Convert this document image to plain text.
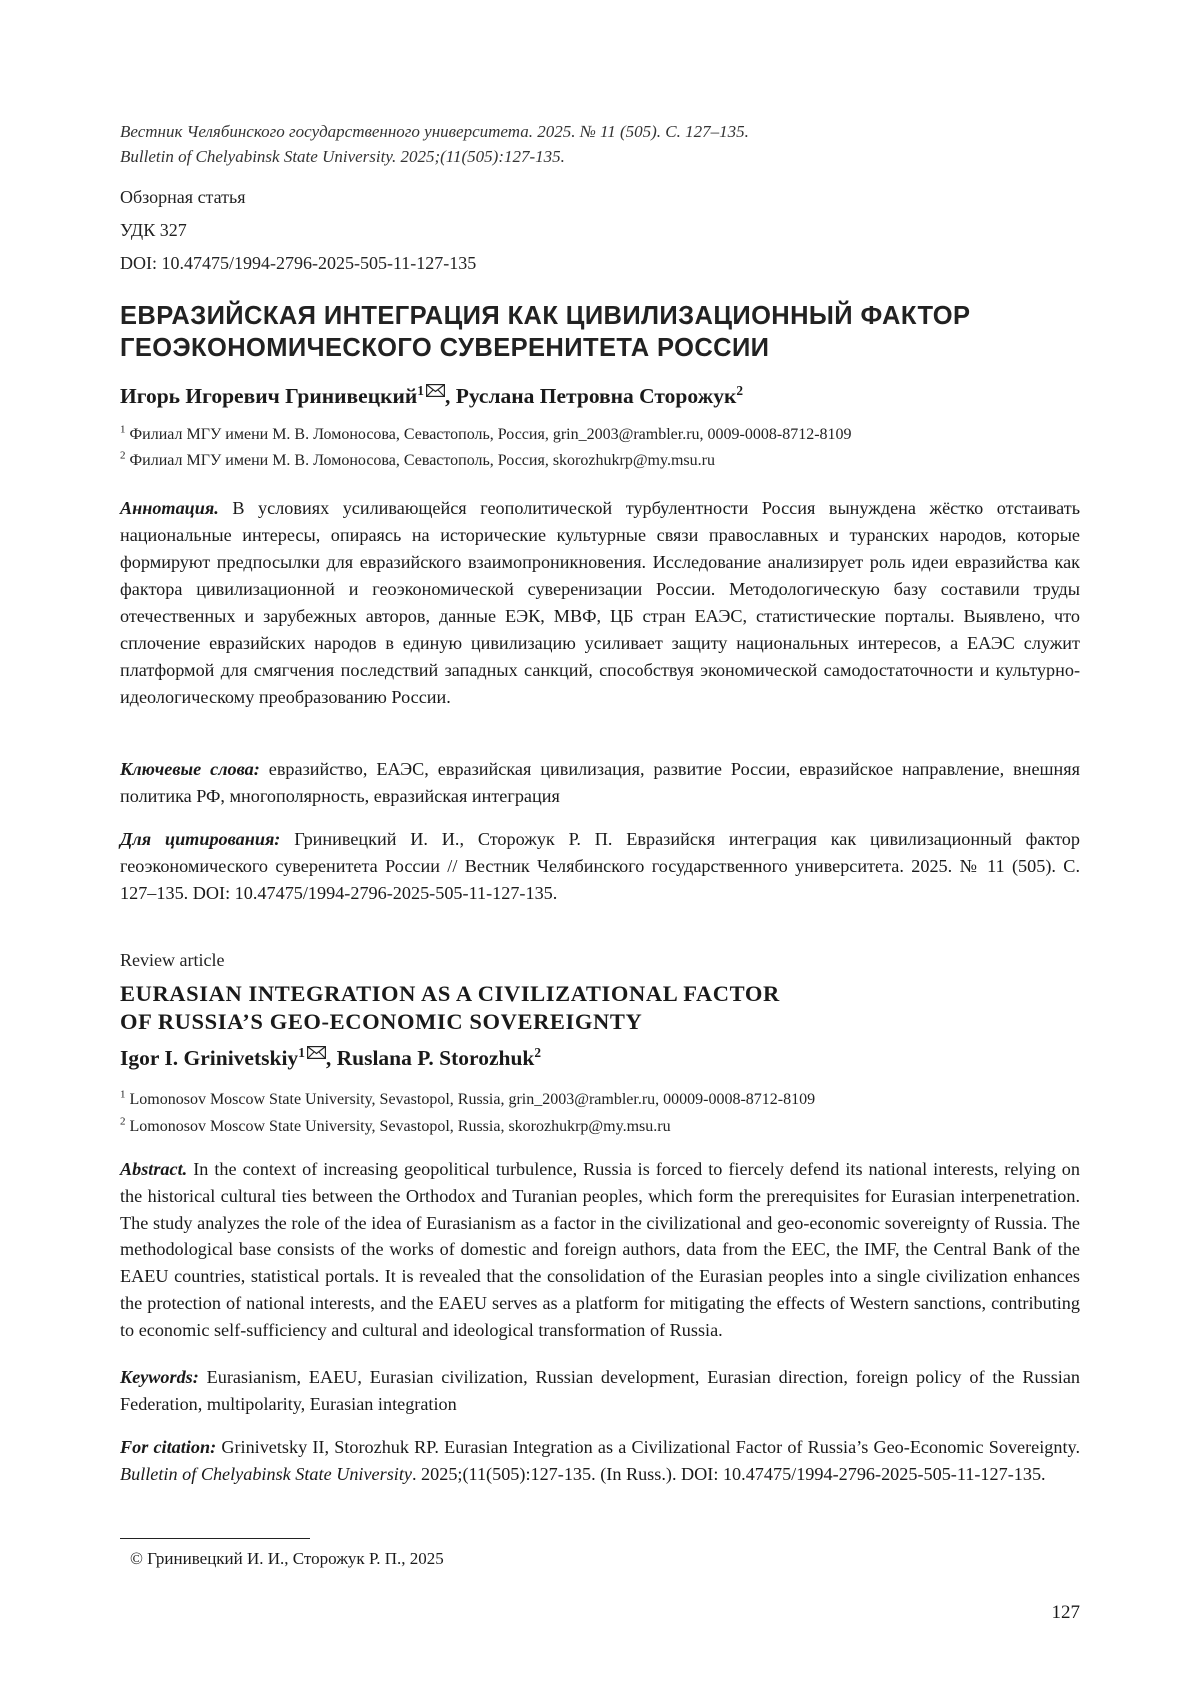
Вестник Челябинского государственного университета. 2025. № 11 (505). С. 127–135.
Bulletin of Chelyabinsk State University. 2025;(11(505):127-135.
Обзорная статья
УДК 327
DOI: 10.47475/1994-2796-2025-505-11-127-135
ЕВРАЗИЙСКАЯ ИНТЕГРАЦИЯ КАК ЦИВИЛИЗАЦИОННЫЙ ФАКТОР
ГЕОЭКОНОМИЧЕСКОГО СУВЕРЕНИТЕТА РОССИИ
Игорь Игоревич Гринивецкий$^1$ , Руслана Петровна Сторожук$^2$
$^1$ Филиал МГУ имени М. В. Ломоносова, Севастополь, Россия, grin_2003@rambler.ru, 0009-0008-8712-8109
$^2$ Филиал МГУ имени М. В. Ломоносова, Севастополь, Россия, skorozhukrp@my.msu.ru
Аннотация. В условиях усиливающейся геополитической турбулентности Россия вынуждена жёстко отстаивать национальные интересы, опираясь на исторические культурные связи православных и туранских народов, которые формируют предпосылки для евразийского взаимопроникновения. Исследование анализирует роль идеи евразийства как фактора цивилизационной и геоэкономической суверенизации России. Методологическую базу составили труды отечественных и зарубежных авторов, данные ЕЭК, МВФ, ЦБ стран ЕАЭС, статистические порталы. Выявлено, что сплочение евразийских народов в единую цивилизацию усиливает защиту национальных интересов, а ЕАЭС служит платформой для смягчения последствий западных санкций, способствуя экономической самодостаточности и культурно-идеологическому преобразованию России.
Ключевые слова: евразийство, ЕАЭС, евразийская цивилизация, развитие России, евразийское направление, внешняя политика РФ, многополярность, евразийская интеграция
Для цитирования: Гринивецкий И. И., Сторожук Р. П. Евразийскя интеграция как цивилизационный фактор геоэкономического суверенитета России // Вестник Челябинского государственного университета. 2025. № 11 (505). С. 127–135. DOI: 10.47475/1994-2796-2025-505-11-127-135.
Review article
EURASIAN INTEGRATION AS A CIVILIZATIONAL FACTOR
OF RUSSIA’S GEO-ECONOMIC SOVEREIGNTY
Igor I. Grinivetskiy$^1$ , Ruslana P. Storozhuk$^2$
$^1$ Lomonosov Moscow State University, Sevastopol, Russia, grin_2003@rambler.ru, 00009-0008-8712-8109
$^2$ Lomonosov Moscow State University, Sevastopol, Russia, skorozhukrp@my.msu.ru
Abstract. In the context of increasing geopolitical turbulence, Russia is forced to fiercely defend its national interests, relying on the historical cultural ties between the Orthodox and Turanian peoples, which form the prerequisites for Eurasian interpenetration. The study analyzes the role of the idea of Eurasianism as a factor in the civilizational and geo-economic sovereignty of Russia. The methodological base consists of the works of domestic and foreign authors, data from the EEC, the IMF, the Central Bank of the EAEU countries, statistical portals. It is revealed that the consolidation of the Eurasian peoples into a single civilization enhances the protection of national interests, and the EAEU serves as a platform for mitigating the effects of Western sanctions, contributing to economic self-sufficiency and cultural and ideological transformation of Russia.
Keywords: Eurasianism, EAEU, Eurasian civilization, Russian development, Eurasian direction, foreign policy of the Russian Federation, multipolarity, Eurasian integration
For citation: Grinivetsky II, Storozhuk RP. Eurasian Integration as a Civilizational Factor of Russia’s Geo-Economic Sovereignty. Bulletin of Chelyabinsk State University. 2025;(11(505):127-135. (In Russ.). DOI: 10.47475/1994-2796-2025-505-11-127-135.
© Гринивецкий И. И., Сторожук Р. П., 2025
127
